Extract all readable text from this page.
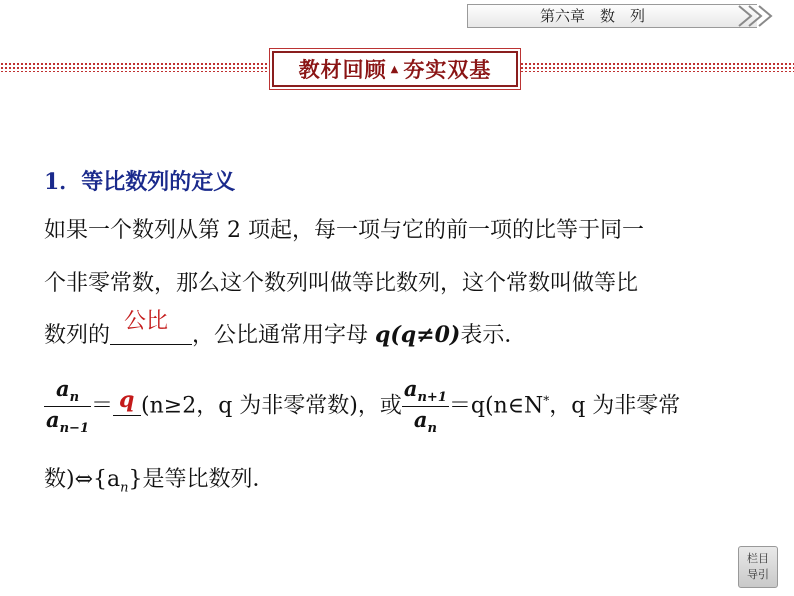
第六章　数　列
教材回顾 ▲ 夯实双基
1．等比数列的定义
如果一个数列从第 2 项起，每一项与它的前一项的比等于同一
个非零常数，那么这个数列叫做等比数列，这个常数叫做等比
数列的
公比
，公比通常用字母 q(q≠0)表示．
$\frac{a_n}{a_{n-1}} = q$ (n≥2，q 为非零常数)，或 $\frac{a_{n+1}}{a_n}$ ＝q(n∈N*，q 为非零常
数)$\Leftrightarrow\{a_n\}$是等比数列．
栏目
导引
